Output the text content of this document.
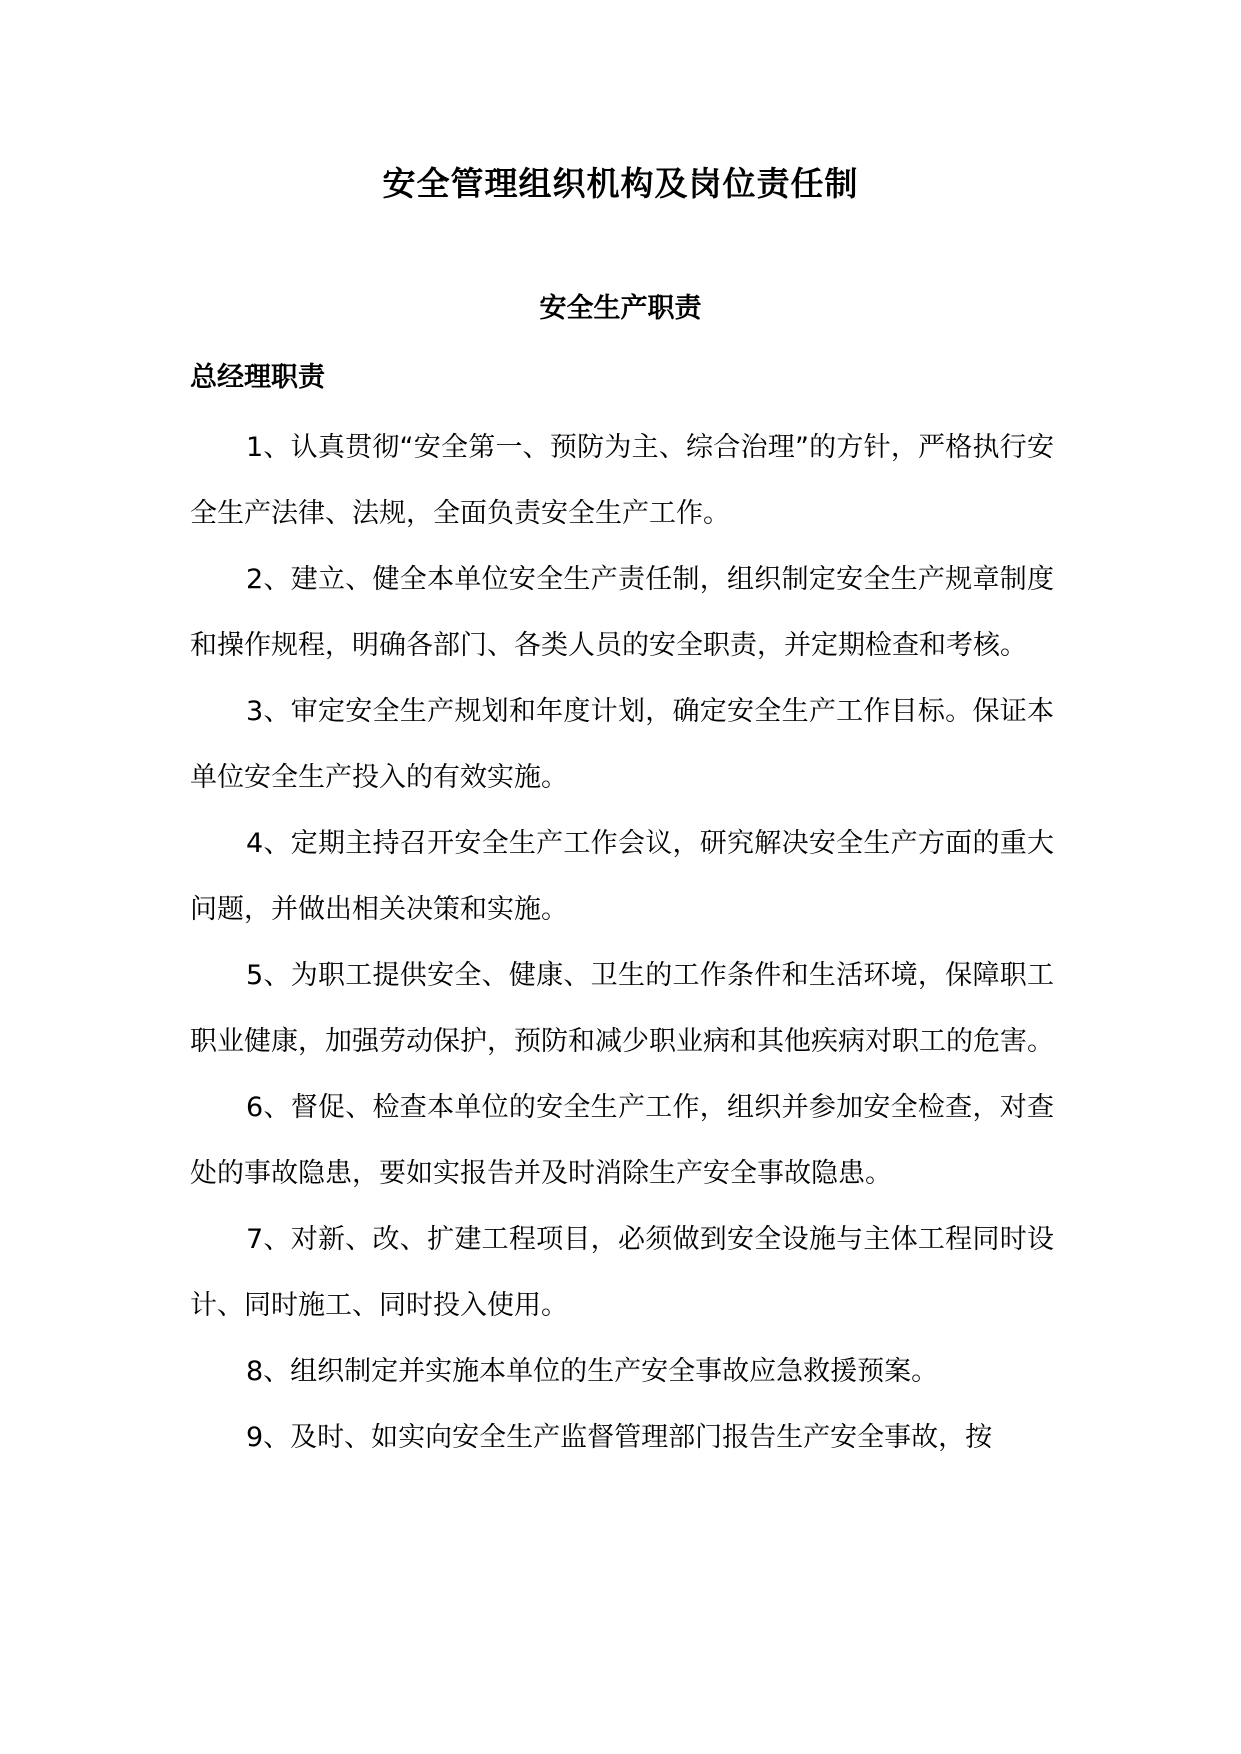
安全管理组织机构及岗位责任制
安全生产职责
总经理职责

1、认真贯彻“安全第一、预防为主、综合治理”的方针，严格执行安全生产法律、法规，全面负责安全生产工作。

2、建立、健全本单位安全生产责任制，组织制定安全生产规章制度和操作规程，明确各部门、各类人员的安全职责，并定期检查和考核。

3、审定安全生产规划和年度计划，确定安全生产工作目标。保证本单位安全生产投入的有效实施。

4、定期主持召开安全生产工作会议，研究解决安全生产方面的重大问题，并做出相关决策和实施。

5、为职工提供安全、健康、卫生的工作条件和生活环境，保障职工职业健康，加强劳动保护，预防和减少职业病和其他疾病对职工的危害。

6、督促、检查本单位的安全生产工作，组织并参加安全检查，对查处的事故隐患，要如实报告并及时消除生产安全事故隐患。

7、对新、改、扩建工程项目，必须做到安全设施与主体工程同时设计、同时施工、同时投入使用。

8、组织制定并实施本单位的生产安全事故应急救援预案。

9、及时、如实向安全生产监督管理部门报告生产安全事故，按
